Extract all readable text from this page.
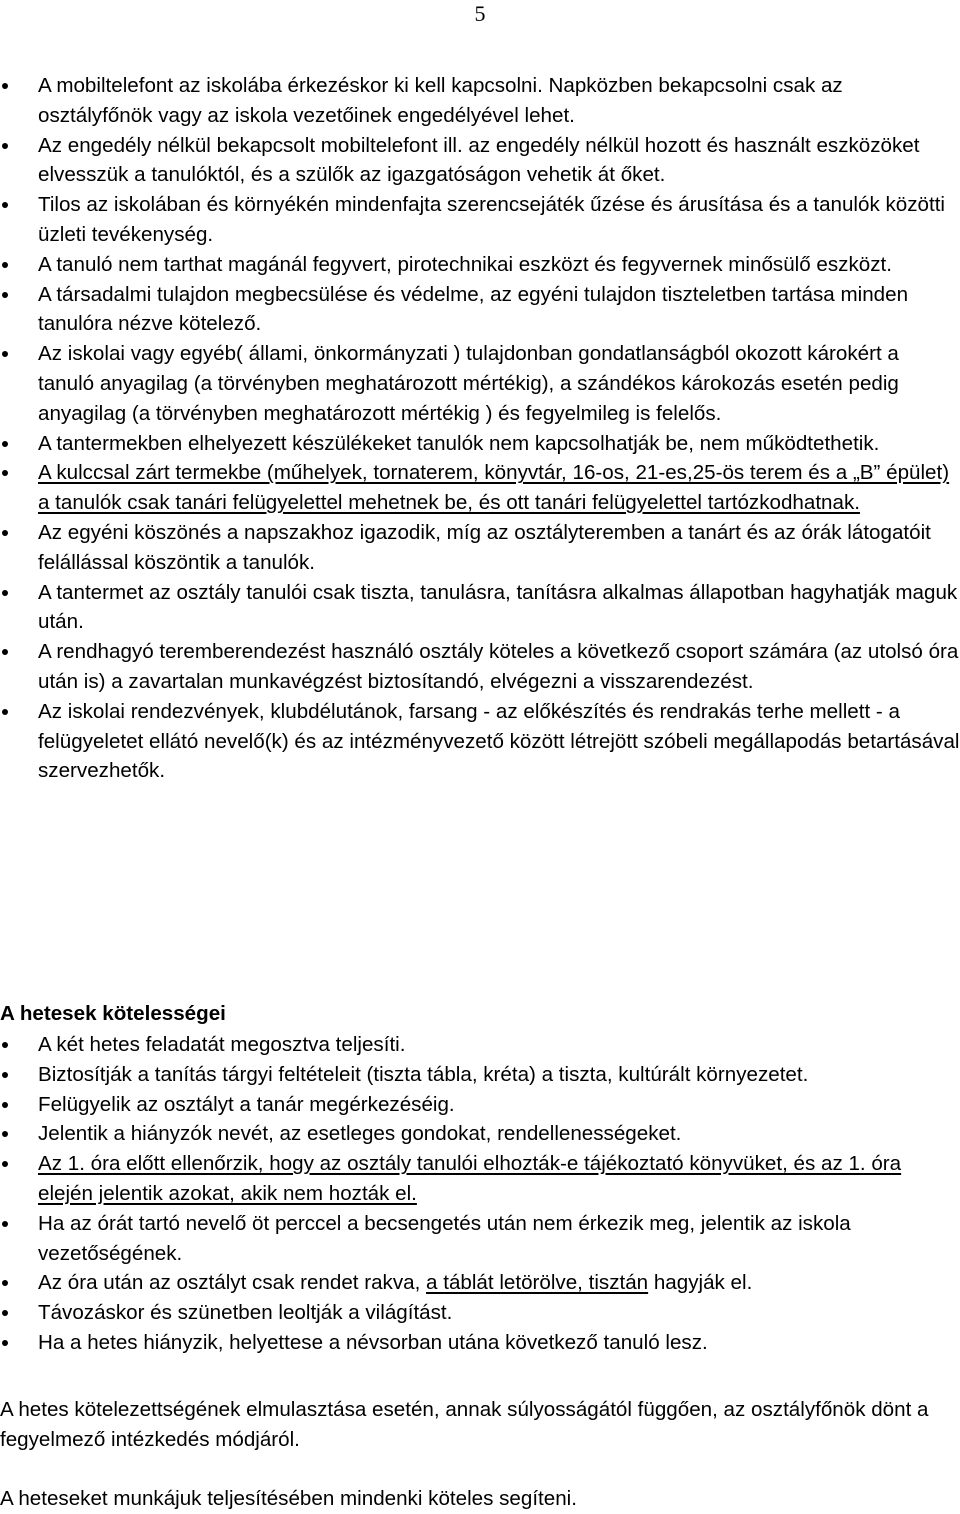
5
A mobiltelefont az iskolába érkezéskor ki kell kapcsolni. Napközben bekapcsolni csak az osztályfőnök vagy az iskola vezetőinek engedélyével lehet.
Az engedély nélkül bekapcsolt mobiltelefont ill. az engedély nélkül hozott és használt eszközöket elvesszük a tanulóktól, és a szülők az igazgatóságon vehetik át őket.
Tilos az iskolában és környékén mindenfajta szerencsejáték űzése és árusítása és a tanulók közötti üzleti tevékenység.
A tanuló nem tarthat magánál fegyvert, pirotechnikai eszközt és fegyvernek minősülő eszközt.
A társadalmi tulajdon megbecsülése és védelme, az egyéni tulajdon tiszteletben tartása minden tanulóra nézve kötelező.
Az iskolai vagy egyéb( állami, önkormányzati ) tulajdonban gondatlanságból okozott károkért a tanuló anyagilag (a törvényben meghatározott mértékig), a szándékos károkozás esetén pedig anyagilag (a törvényben meghatározott mértékig ) és fegyelmileg is felelős.
A tantermekben elhelyezett készülékeket tanulók nem kapcsolhatják be, nem működtethetik.
A kulccsal zárt termekbe (műhelyek, tornaterem, könyvtár, 16-os, 21-es,25-ös terem és a „B” épület) a tanulók csak tanári felügyelettel mehetnek be, és ott tanári felügyelettel tartózkodhatnak.
Az egyéni köszönés a napszakhoz igazodik, míg az osztályteremben a tanárt és az órák látogatóit felállással köszöntik a tanulók.
A tantermet az osztály tanulói csak tiszta, tanulásra, tanításra alkalmas állapotban hagyhatják maguk után.
A rendhagyó teremberendezést használó osztály köteles a következő csoport számára (az utolsó óra után is) a zavartalan munkavégzést biztosítandó, elvégezni a visszarendezést.
Az iskolai rendezvények, klubdélutánok, farsang - az előkészítés és rendrakás terhe mellett - a felügyeletet ellátó nevelő(k) és az intézményvezető között létrejött szóbeli megállapodás betartásával szervezhetők.
A hetesek kötelességei
A két hetes feladatát megosztva teljesíti.
Biztosítják a tanítás tárgyi feltételeit (tiszta tábla, kréta) a tiszta, kultúrált környezetet.
Felügyelik az osztályt a tanár megérkezéséig.
Jelentik a hiányzók nevét, az esetleges gondokat, rendellenességeket.
Az 1. óra előtt ellenőrzik, hogy az osztály tanulói elhozták-e tájékoztató könyvüket, és az 1. óra elején jelentik azokat, akik nem hozták el.
Ha az órát tartó nevelő öt perccel a becsengetés után nem érkezik meg, jelentik az iskola vezetőségének.
Az óra után az osztályt csak rendet rakva, a táblát letörölve, tisztán hagyják el.
Távozáskor és szünetben leoltják a világítást.
Ha a hetes hiányzik, helyettese a névsorban utána következő tanuló lesz.
A hetes kötelezettségének elmulasztása esetén, annak súlyosságától függően, az osztályfőnök dönt a fegyelmező intézkedés módjáról.
A heteseket munkájuk teljesítésében mindenki köteles segíteni.
